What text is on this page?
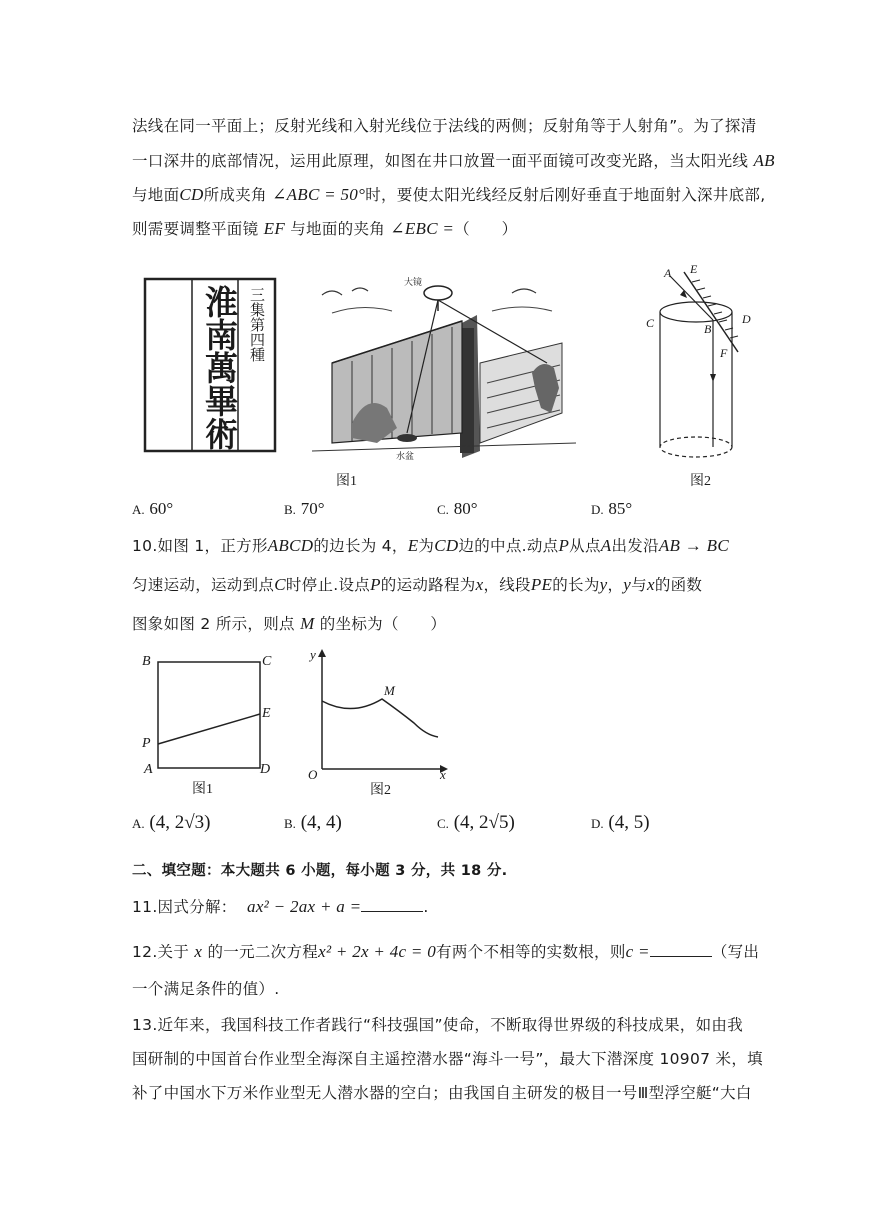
法线在同一平面上；反射光线和入射光线位于法线的两侧；反射角等于人射角”。为了探清
一口深井的底部情况，运用此原理，如图在井口放置一面平面镜可改变光路，当太阳光线 AB
与地面CD所成夹角 ∠ABC = 50°时，要使太阳光线经反射后刚好垂直于地面射入深井底部,
则需要调整平面镜 EF 与地面的夹角 ∠EBC =（　　）
淮南萬畢術 三集第四種
大镜
水盆
图1
A E
C	B
D
F
图2
A. 60°	B. 70°	C. 80°	D. 85°
10.如图 1，正方形ABCD的边长为 4，E为CD边的中点.动点P从点A出发沿AB → BC
匀速运动，运动到点C时停止.设点P的运动路程为x，线段PE的长为y，y与x的函数
图象如图 2 所示，则点 M 的坐标为（　　）
B	C
E
P
A	D
图1
y
M
O	x
图2
A. (4, 2√3)	B. (4, 4)	C. (4, 2√5)	D. (4, 5)
二、填空题：本大题共 6 小题，每小题 3 分，共 18 分.
11.因式分解： ax² − 2ax + a =	.
12.关于 x 的一元二次方程x² + 2x + 4c = 0有两个不相等的实数根，则c =	（写出
一个满足条件的值）.
13.近年来，我国科技工作者践行“科技强国”使命，不断取得世界级的科技成果，如由我
国研制的中国首台作业型全海深自主遥控潜水器“海斗一号”，最大下潜深度 10907 米，填
补了中国水下万米作业型无人潜水器的空白；由我国自主研发的极目一号Ⅲ型浮空艇“大白
